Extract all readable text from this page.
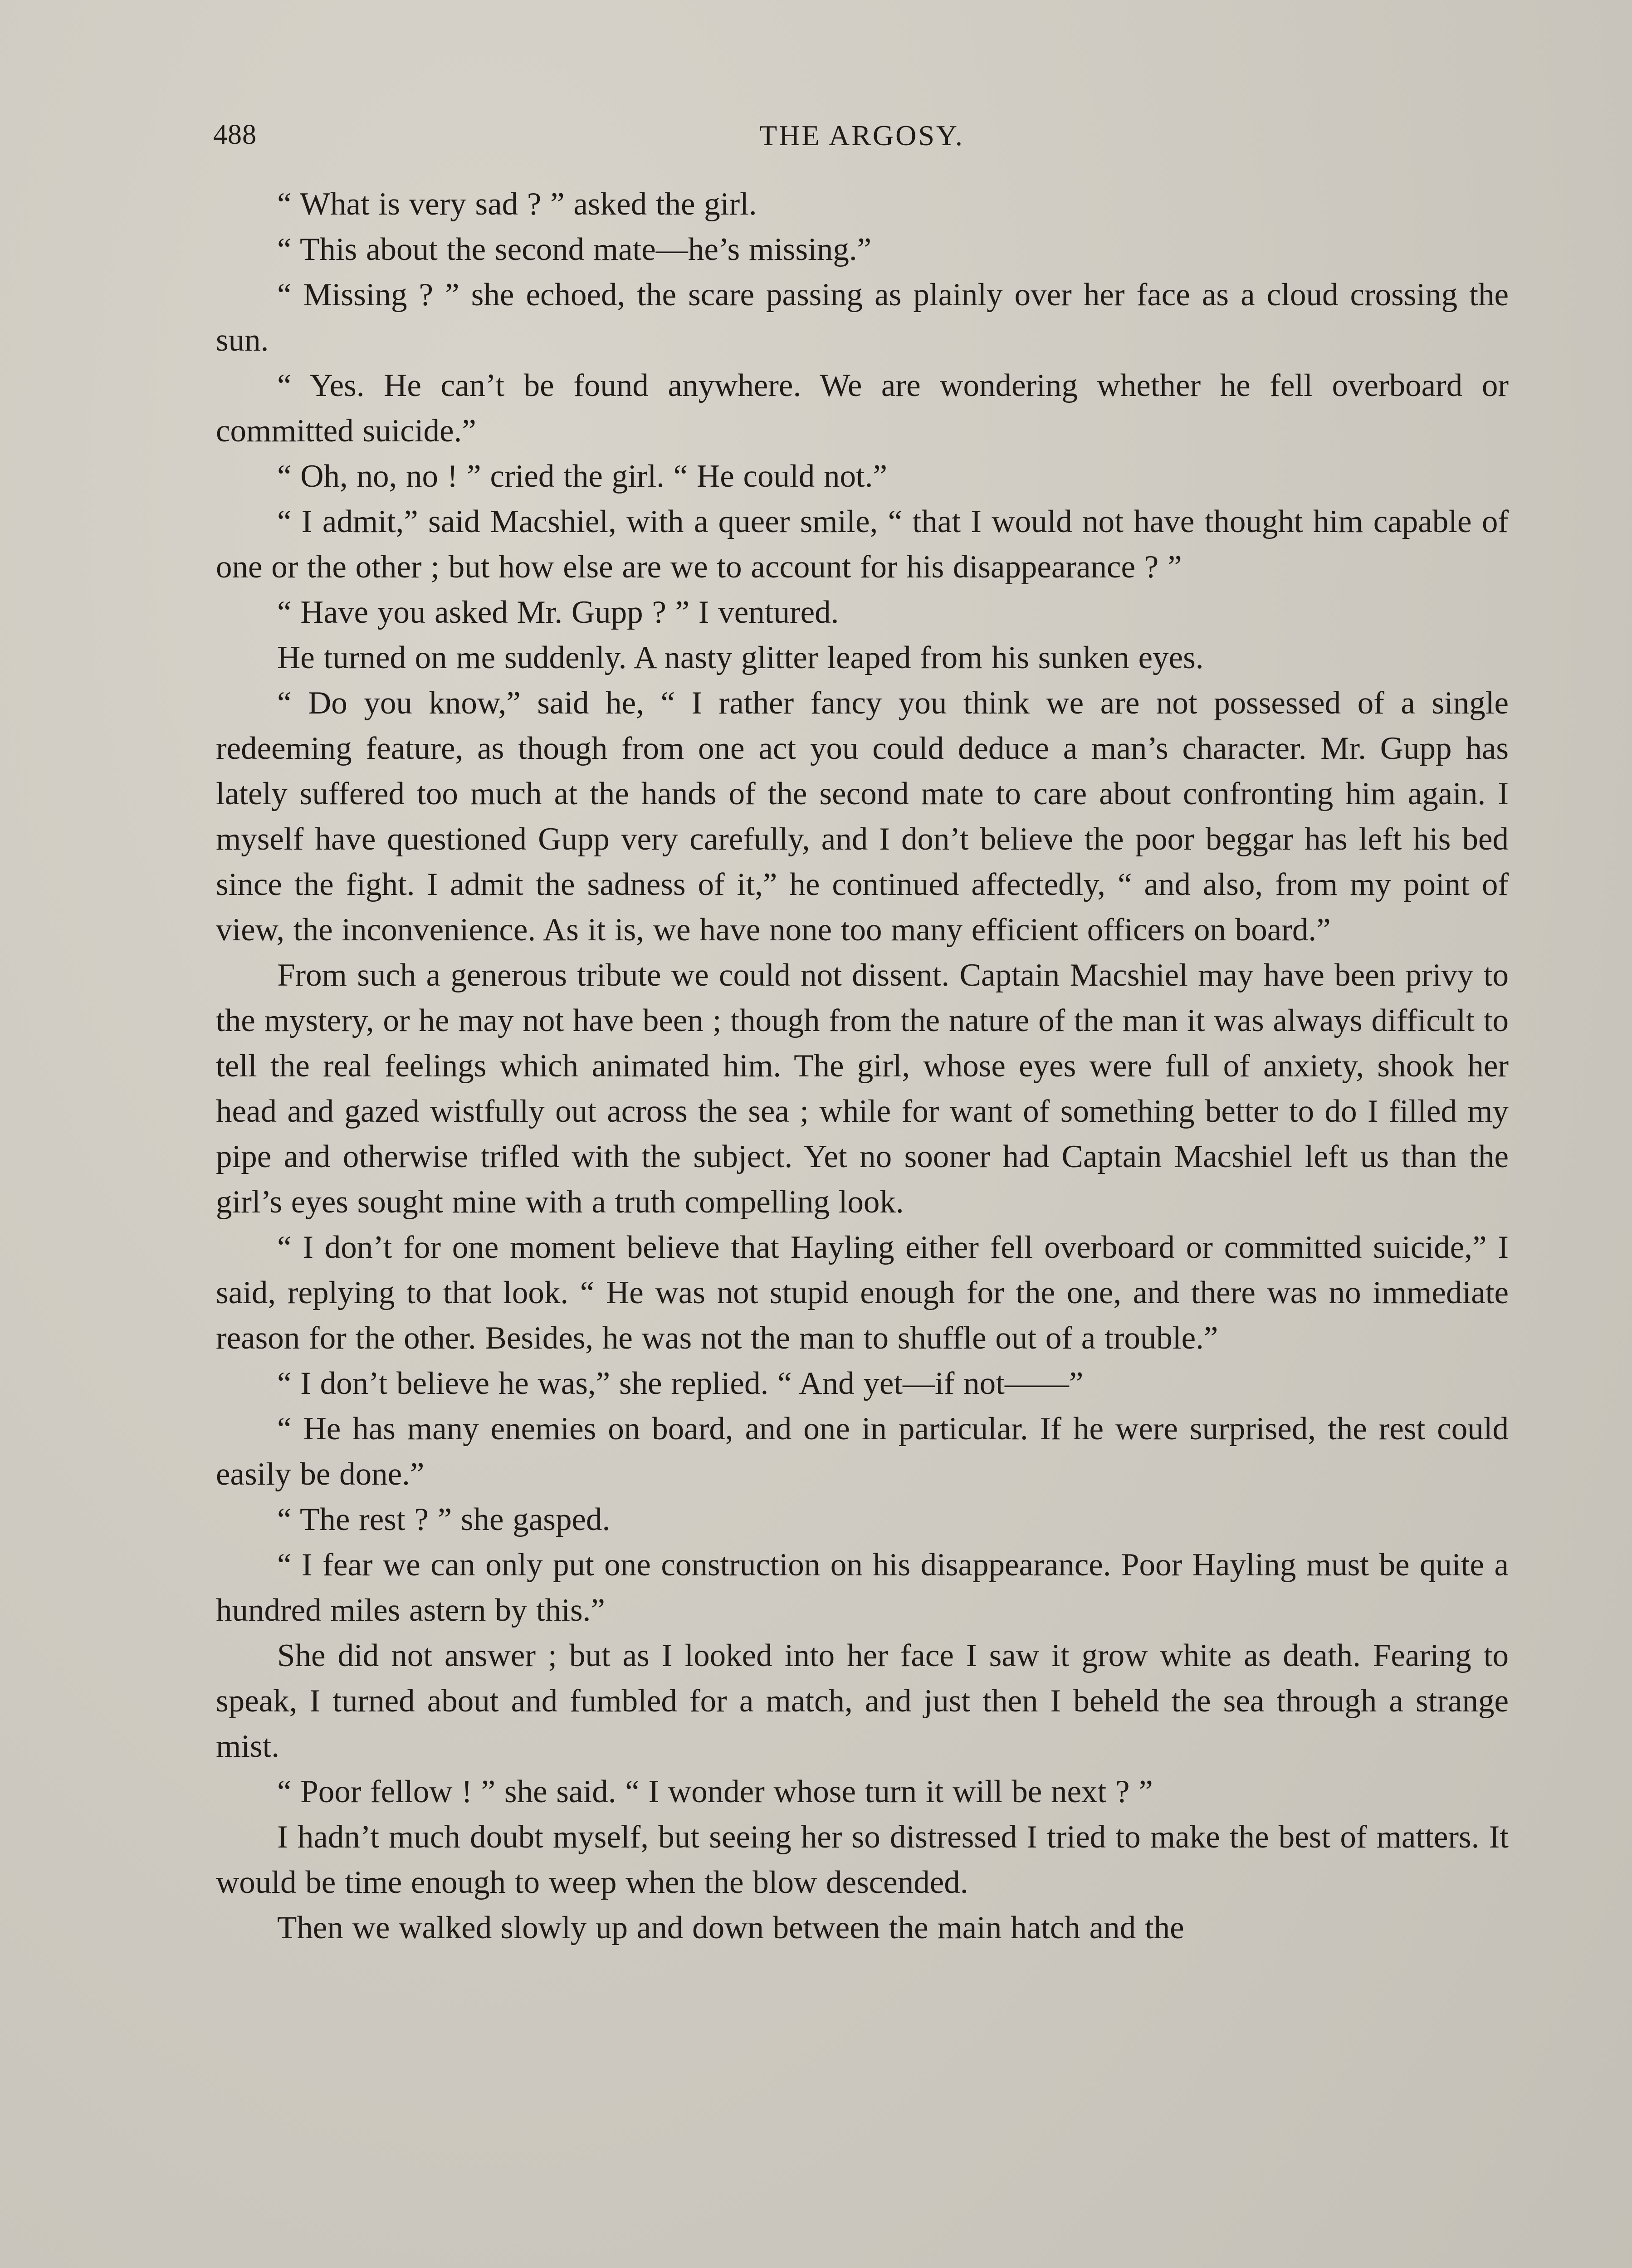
488	THE ARGOSY.

“ What is very sad ? ” asked the girl.

“ This about the second mate—he’s missing.”

“ Missing ? ” she echoed, the scare passing as plainly over her face as a cloud crossing the sun.

“ Yes. He can’t be found anywhere. We are wondering whether he fell overboard or committed suicide.”

“ Oh, no, no ! ” cried the girl. “ He could not.”

“ I admit,” said Macshiel, with a queer smile, “ that I would not have thought him capable of one or the other ; but how else are we to account for his disappearance ? ”

“ Have you asked Mr. Gupp ? ” I ventured.

He turned on me suddenly. A nasty glitter leaped from his sunken eyes.

“ Do you know,” said he, “ I rather fancy you think we are not possessed of a single redeeming feature, as though from one act you could deduce a man’s character. Mr. Gupp has lately suffered too much at the hands of the second mate to care about confronting him again. I myself have questioned Gupp very carefully, and I don’t believe the poor beggar has left his bed since the fight. I admit the sadness of it,” he continued affectedly, “ and also, from my point of view, the inconvenience. As it is, we have none too many efficient officers on board.”

From such a generous tribute we could not dissent. Captain Macshiel may have been privy to the mystery, or he may not have been ; though from the nature of the man it was always difficult to tell the real feelings which animated him. The girl, whose eyes were full of anxiety, shook her head and gazed wistfully out across the sea ; while for want of something better to do I filled my pipe and otherwise trifled with the subject. Yet no sooner had Captain Macshiel left us than the girl’s eyes sought mine with a truth compelling look.

“ I don’t for one moment believe that Hayling either fell overboard or committed suicide,” I said, replying to that look. “ He was not stupid enough for the one, and there was no immediate reason for the other. Besides, he was not the man to shuffle out of a trouble.”

“ I don’t believe he was,” she replied. “ And yet—if not——”

“ He has many enemies on board, and one in particular. If he were surprised, the rest could easily be done.”

“ The rest ? ” she gasped.

“ I fear we can only put one construction on his disappearance. Poor Hayling must be quite a hundred miles astern by this.”

She did not answer ; but as I looked into her face I saw it grow white as death. Fearing to speak, I turned about and fumbled for a match, and just then I beheld the sea through a strange mist.

“ Poor fellow ! ” she said. “ I wonder whose turn it will be next ? ”

I hadn’t much doubt myself, but seeing her so distressed I tried to make the best of matters. It would be time enough to weep when the blow descended.

Then we walked slowly up and down between the main hatch and the
